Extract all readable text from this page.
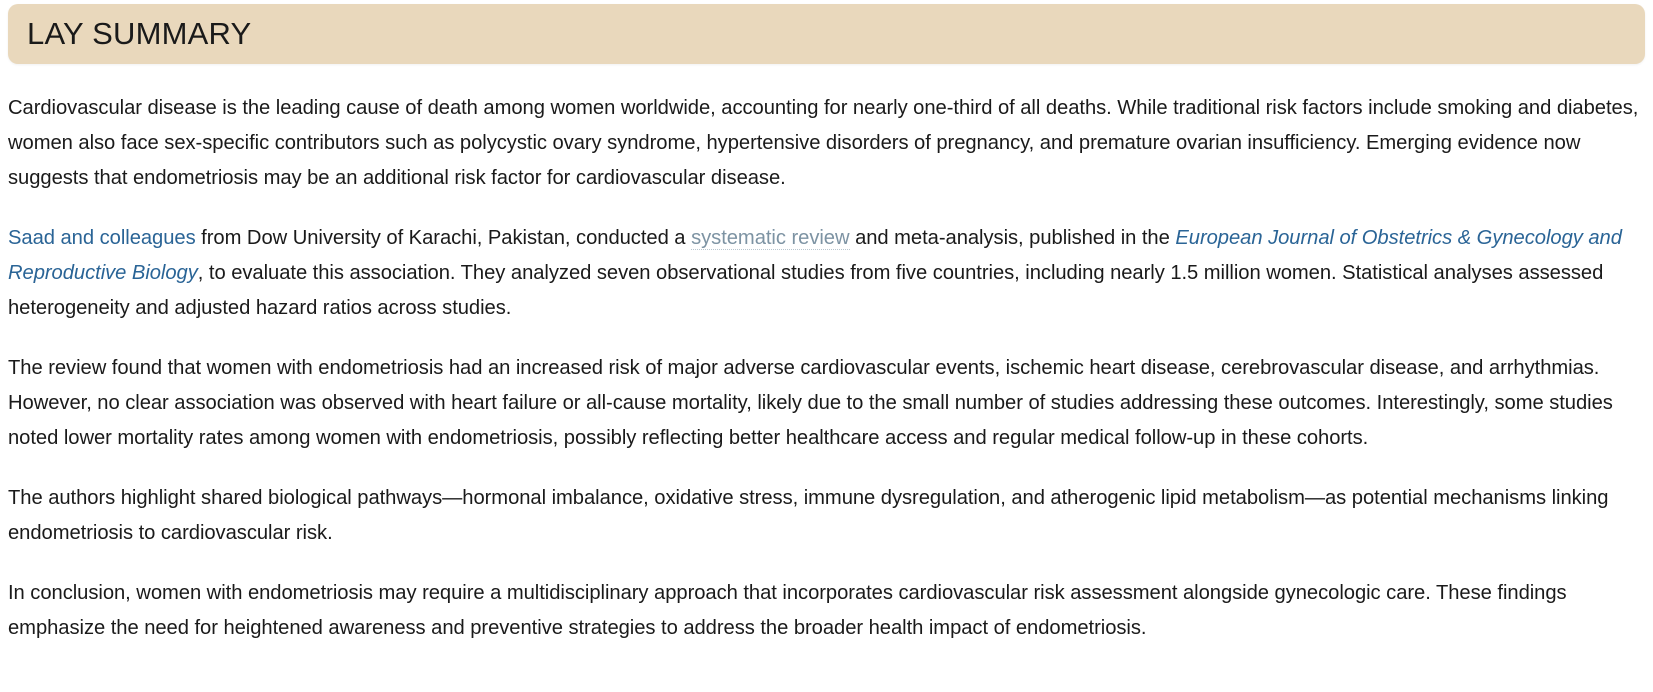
LAY SUMMARY

Cardiovascular disease is the leading cause of death among women worldwide, accounting for nearly one-third of all deaths. While traditional risk factors include smoking and diabetes, women also face sex-specific contributors such as polycystic ovary syndrome, hypertensive disorders of pregnancy, and premature ovarian insufficiency. Emerging evidence now suggests that endometriosis may be an additional risk factor for cardiovascular disease.

Saad and colleagues from Dow University of Karachi, Pakistan, conducted a systematic review and meta-analysis, published in the European Journal of Obstetrics & Gynecology and Reproductive Biology, to evaluate this association. They analyzed seven observational studies from five countries, including nearly 1.5 million women. Statistical analyses assessed heterogeneity and adjusted hazard ratios across studies.

The review found that women with endometriosis had an increased risk of major adverse cardiovascular events, ischemic heart disease, cerebrovascular disease, and arrhythmias. However, no clear association was observed with heart failure or all-cause mortality, likely due to the small number of studies addressing these outcomes. Interestingly, some studies noted lower mortality rates among women with endometriosis, possibly reflecting better healthcare access and regular medical follow-up in these cohorts.

The authors highlight shared biological pathways—hormonal imbalance, oxidative stress, immune dysregulation, and atherogenic lipid metabolism—as potential mechanisms linking endometriosis to cardiovascular risk.

In conclusion, women with endometriosis may require a multidisciplinary approach that incorporates cardiovascular risk assessment alongside gynecologic care. These findings emphasize the need for heightened awareness and preventive strategies to address the broader health impact of endometriosis.
